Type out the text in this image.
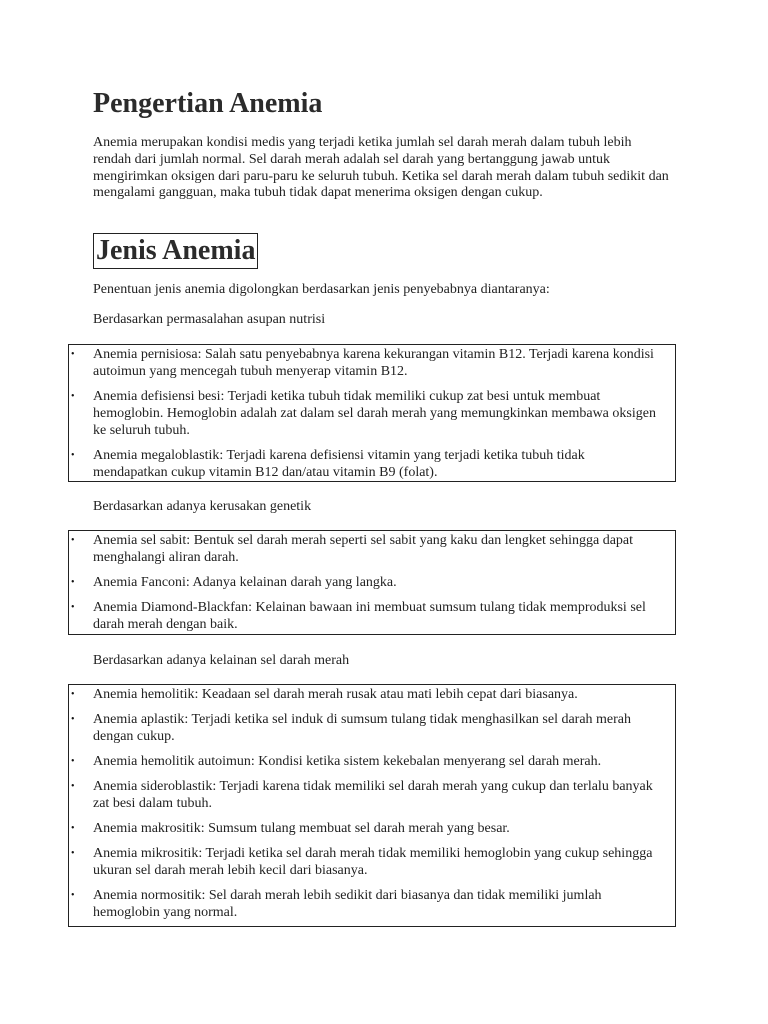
Pengertian Anemia

Anemia merupakan kondisi medis yang terjadi ketika jumlah sel darah merah dalam tubuh lebih rendah dari jumlah normal. Sel darah merah adalah sel darah yang bertanggung jawab untuk mengirimkan oksigen dari paru-paru ke seluruh tubuh. Ketika sel darah merah dalam tubuh sedikit dan mengalami gangguan, maka tubuh tidak dapat menerima oksigen dengan cukup.

Jenis Anemia

Penentuan jenis anemia digolongkan berdasarkan jenis penyebabnya diantaranya:

Berdasarkan permasalahan asupan nutrisi

• Anemia pernisiosa: Salah satu penyebabnya karena kekurangan vitamin B12. Terjadi karena kondisi autoimun yang mencegah tubuh menyerap vitamin B12.
• Anemia defisiensi besi: Terjadi ketika tubuh tidak memiliki cukup zat besi untuk membuat hemoglobin. Hemoglobin adalah zat dalam sel darah merah yang memungkinkan membawa oksigen ke seluruh tubuh.
• Anemia megaloblastik: Terjadi karena defisiensi vitamin yang terjadi ketika tubuh tidak mendapatkan cukup vitamin B12 dan/atau vitamin B9 (folat).

Berdasarkan adanya kerusakan genetik

• Anemia sel sabit: Bentuk sel darah merah seperti sel sabit yang kaku dan lengket sehingga dapat menghalangi aliran darah.
• Anemia Fanconi: Adanya kelainan darah yang langka.
• Anemia Diamond-Blackfan: Kelainan bawaan ini membuat sumsum tulang tidak memproduksi sel darah merah dengan baik.

Berdasarkan adanya kelainan sel darah merah

• Anemia hemolitik: Keadaan sel darah merah rusak atau mati lebih cepat dari biasanya.
• Anemia aplastik: Terjadi ketika sel induk di sumsum tulang tidak menghasilkan sel darah merah dengan cukup.
• Anemia hemolitik autoimun: Kondisi ketika sistem kekebalan menyerang sel darah merah.
• Anemia sideroblastik: Terjadi karena tidak memiliki sel darah merah yang cukup dan terlalu banyak zat besi dalam tubuh.
• Anemia makrositik: Sumsum tulang membuat sel darah merah yang besar.
• Anemia mikrositik: Terjadi ketika sel darah merah tidak memiliki hemoglobin yang cukup sehingga ukuran sel darah merah lebih kecil dari biasanya.
• Anemia normositik: Sel darah merah lebih sedikit dari biasanya dan tidak memiliki jumlah hemoglobin yang normal.
